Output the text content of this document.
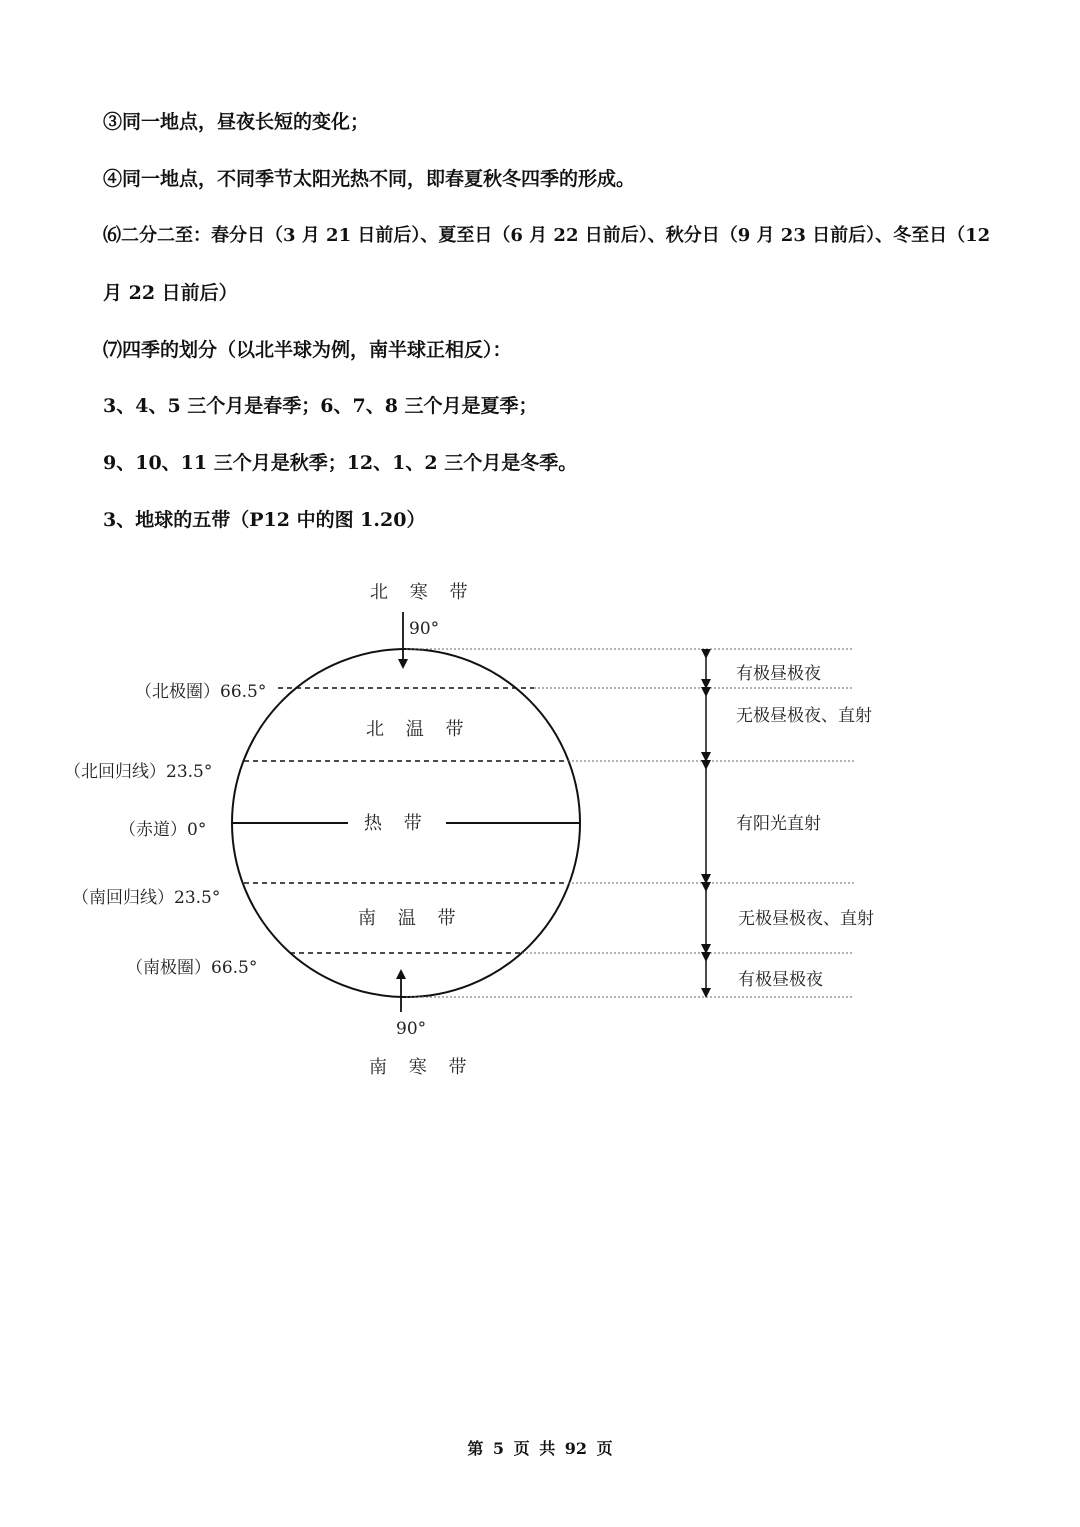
③同一地点，昼夜长短的变化；
④同一地点，不同季节太阳光热不同，即春夏秋冬四季的形成。
⑹二分二至：春分日（3 月 21 日前后）、夏至日（6 月 22 日前后）、秋分日（9 月 23 日前后）、冬至日（12
月 22 日前后）
⑺四季的划分（以北半球为例，南半球正相反）：
3、4、5 三个月是春季；6、7、8 三个月是夏季；
9、10、11 三个月是秋季；12、1、2 三个月是冬季。
3、地球的五带（P12 中的图 1.20）
北 寒 带
90°
90°
南 寒 带
北 温 带
热 带
南 温 带
（北极圈）66.5°
（北回归线）23.5°
（赤道）0°
（南回归线）23.5°
（南极圈）66.5°
有极昼极夜
无极昼极夜、直射
有阳光直射
无极昼极夜、直射
有极昼极夜
第 5 页 共 92 页
